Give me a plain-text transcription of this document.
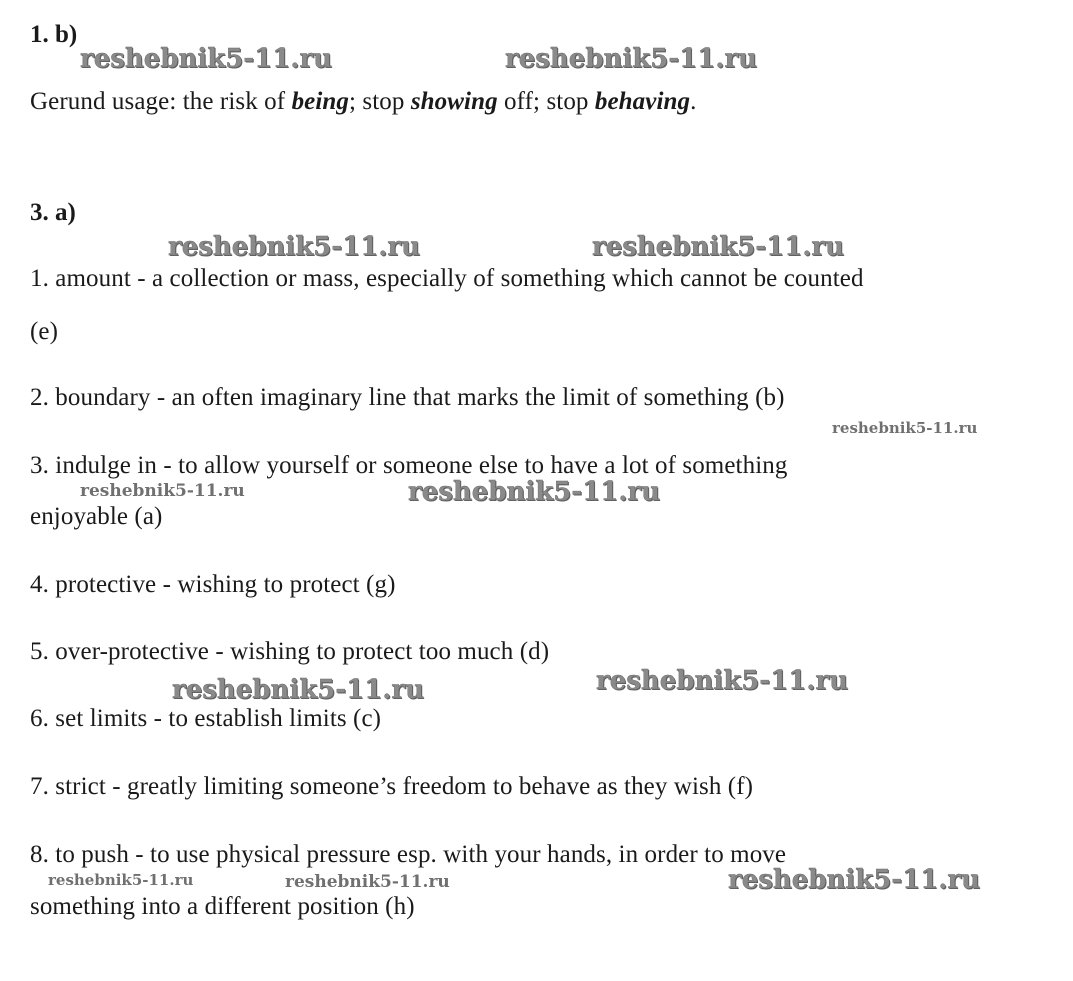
1. b)
Gerund usage: the risk of being; stop showing off; stop behaving.
3. a)
1. amount - a collection or mass, especially of something which cannot be counted
(e)
2. boundary - an often imaginary line that marks the limit of something (b)
3. indulge in - to allow yourself or someone else to have a lot of something
enjoyable (a)
4. protective - wishing to protect (g)
5. over-protective - wishing to protect too much (d)
6. set limits - to establish limits (c)
7. strict - greatly limiting someone’s freedom to behave as they wish (f)
8. to push - to use physical pressure esp. with your hands, in order to move
something into a different position (h)
reshebnik5-11.ru	reshebnik5-11.ru
reshebnik5-11.ru	reshebnik5-11.ru
reshebnik5-11.ru
reshebnik5-11.ru	reshebnik5-11.ru
reshebnik5-11.ru	reshebnik5-11.ru
reshebnik5-11.ru	reshebnik5-11.ru	reshebnik5-11.ru
